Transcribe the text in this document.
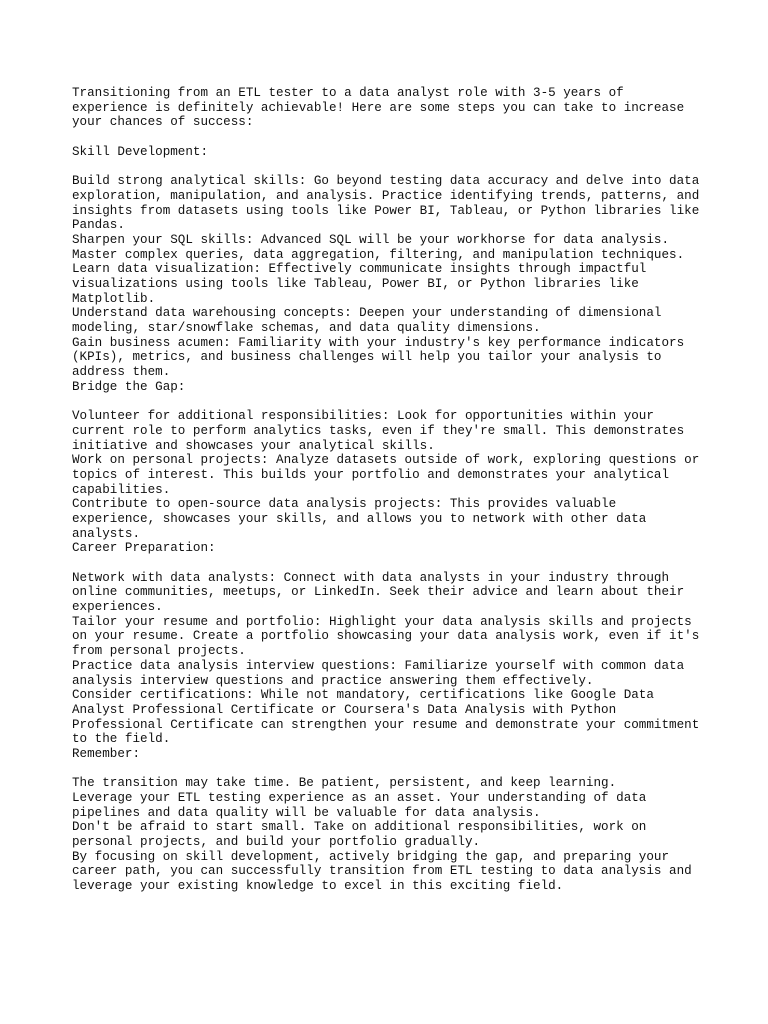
Transitioning from an ETL tester to a data analyst role with 3-5 years of
experience is definitely achievable! Here are some steps you can take to increase
your chances of success:
Skill Development:
Build strong analytical skills: Go beyond testing data accuracy and delve into data
exploration, manipulation, and analysis. Practice identifying trends, patterns, and
insights from datasets using tools like Power BI, Tableau, or Python libraries like
Pandas.
Sharpen your SQL skills: Advanced SQL will be your workhorse for data analysis.
Master complex queries, data aggregation, filtering, and manipulation techniques.
Learn data visualization: Effectively communicate insights through impactful
visualizations using tools like Tableau, Power BI, or Python libraries like
Matplotlib.
Understand data warehousing concepts: Deepen your understanding of dimensional
modeling, star/snowflake schemas, and data quality dimensions.
Gain business acumen: Familiarity with your industry's key performance indicators
(KPIs), metrics, and business challenges will help you tailor your analysis to
address them.
Bridge the Gap:
Volunteer for additional responsibilities: Look for opportunities within your
current role to perform analytics tasks, even if they're small. This demonstrates
initiative and showcases your analytical skills.
Work on personal projects: Analyze datasets outside of work, exploring questions or
topics of interest. This builds your portfolio and demonstrates your analytical
capabilities.
Contribute to open-source data analysis projects: This provides valuable
experience, showcases your skills, and allows you to network with other data
analysts.
Career Preparation:
Network with data analysts: Connect with data analysts in your industry through
online communities, meetups, or LinkedIn. Seek their advice and learn about their
experiences.
Tailor your resume and portfolio: Highlight your data analysis skills and projects
on your resume. Create a portfolio showcasing your data analysis work, even if it's
from personal projects.
Practice data analysis interview questions: Familiarize yourself with common data
analysis interview questions and practice answering them effectively.
Consider certifications: While not mandatory, certifications like Google Data
Analyst Professional Certificate or Coursera's Data Analysis with Python
Professional Certificate can strengthen your resume and demonstrate your commitment
to the field.
Remember:
The transition may take time. Be patient, persistent, and keep learning.
Leverage your ETL testing experience as an asset. Your understanding of data
pipelines and data quality will be valuable for data analysis.
Don't be afraid to start small. Take on additional responsibilities, work on
personal projects, and build your portfolio gradually.
By focusing on skill development, actively bridging the gap, and preparing your
career path, you can successfully transition from ETL testing to data analysis and
leverage your existing knowledge to excel in this exciting field.
